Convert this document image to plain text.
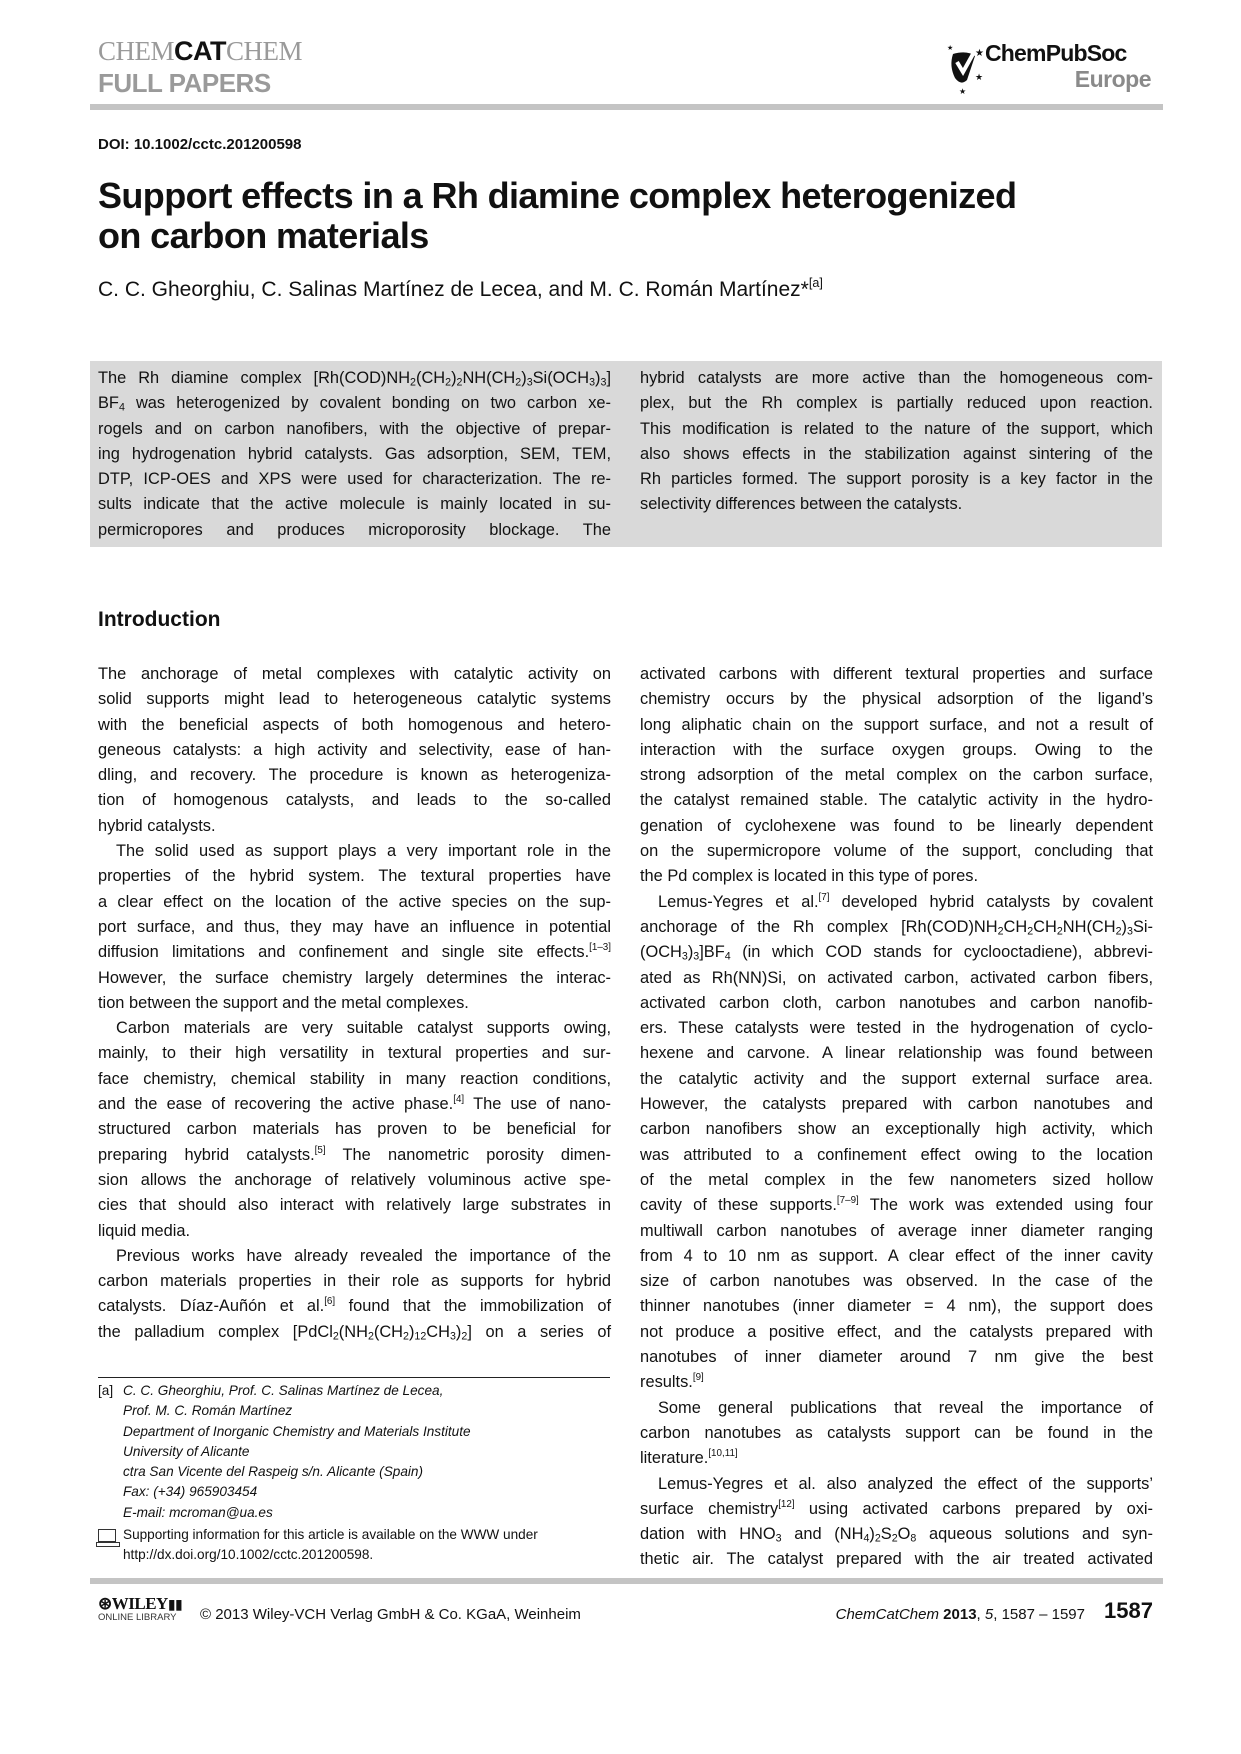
CHEMCATCHEM
FULL PAPERS
★
★
★
★ ChemPubSoc
Europe
DOI: 10.1002/cctc.201200598
Support effects in a Rh diamine complex heterogenized
on carbon materials
C. C. Gheorghiu, C. Salinas Martínez de Lecea, and M. C. Román Martínez*[a]
The Rh diamine complex $[Rh(COD)NH_2(CH_2)_2NH(CH_2)_3Si(OCH_3)_3]$
$BF_4$ was heterogenized by covalent bonding on two carbon xe-
rogels and on carbon nanofibers, with the objective of prepar-
ing hydrogenation hybrid catalysts. Gas adsorption, SEM, TEM,
DTP, ICP-OES and XPS were used for characterization. The re-
sults indicate that the active molecule is mainly located in su-
permicropores and produces microporosity blockage. The
hybrid catalysts are more active than the homogeneous com-
plex, but the Rh complex is partially reduced upon reaction.
This modification is related to the nature of the support, which
also shows effects in the stabilization against sintering of the
Rh particles formed. The support porosity is a key factor in the
selectivity differences between the catalysts.
Introduction
The anchorage of metal complexes with catalytic activity on
solid supports might lead to heterogeneous catalytic systems
with the beneficial aspects of both homogenous and hetero-
geneous catalysts: a high activity and selectivity, ease of han-
dling, and recovery. The procedure is known as heterogeniza-
tion of homogenous catalysts, and leads to the so-called
hybrid catalysts.
The solid used as support plays a very important role in the
properties of the hybrid system. The textural properties have
a clear effect on the location of the active species on the sup-
port surface, and thus, they may have an influence in potential
diffusion limitations and confinement and single site effects.[1–3]
However, the surface chemistry largely determines the interac-
tion between the support and the metal complexes.
Carbon materials are very suitable catalyst supports owing,
mainly, to their high versatility in textural properties and sur-
face chemistry, chemical stability in many reaction conditions,
and the ease of recovering the active phase.[4] The use of nano-
structured carbon materials has proven to be beneficial for
preparing hybrid catalysts.[5] The nanometric porosity dimen-
sion allows the anchorage of relatively voluminous active spe-
cies that should also interact with relatively large substrates in
liquid media.
Previous works have already revealed the importance of the
carbon materials properties in their role as supports for hybrid
catalysts. Díaz-Auñón et al.[6] found that the immobilization of
the palladium complex $[PdCl_2(NH_2(CH_2)_{12}CH_3)_2]$ on a series of
activated carbons with different textural properties and surface
chemistry occurs by the physical adsorption of the ligand’s
long aliphatic chain on the support surface, and not a result of
interaction with the surface oxygen groups. Owing to the
strong adsorption of the metal complex on the carbon surface,
the catalyst remained stable. The catalytic activity in the hydro-
genation of cyclohexene was found to be linearly dependent
on the supermicropore volume of the support, concluding that
the Pd complex is located in this type of pores.
Lemus-Yegres et al.[7] developed hybrid catalysts by covalent
anchorage of the Rh complex [$Rh(COD)NH_2CH_2CH_2NH(CH_2)_3Si-$
$(OCH_3)_3]BF_4$ (in which COD stands for cyclooctadiene), abbrevi-
ated as Rh(NN)Si, on activated carbon, activated carbon fibers,
activated carbon cloth, carbon nanotubes and carbon nanofib-
ers. These catalysts were tested in the hydrogenation of cyclo-
hexene and carvone. A linear relationship was found between
the catalytic activity and the support external surface area.
However, the catalysts prepared with carbon nanotubes and
carbon nanofibers show an exceptionally high activity, which
was attributed to a confinement effect owing to the location
of the metal complex in the few nanometers sized hollow
cavity of these supports.[7–9] The work was extended using four
multiwall carbon nanotubes of average inner diameter ranging
from 4 to 10 nm as support. A clear effect of the inner cavity
size of carbon nanotubes was observed. In the case of the
thinner nanotubes (inner diameter = 4 nm), the support does
not produce a positive effect, and the catalysts prepared with
nanotubes of inner diameter around 7 nm give the best
results.[9]
Some general publications that reveal the importance of
carbon nanotubes as catalysts support can be found in the
literature.[10,11]
Lemus-Yegres et al. also analyzed the effect of the supports’
surface chemistry[12] using activated carbons prepared by oxi-
dation with $HNO_3$ and $(NH_4)_2S_2O_8$ aqueous solutions and syn-
thetic air. The catalyst prepared with the air treated activated
[a] C. C. Gheorghiu, Prof. C. Salinas Martínez de Lecea,
Prof. M. C. Román Martínez
Department of Inorganic Chemistry and Materials Institute
University of Alicante
ctra San Vicente del Raspeig s/n. Alicante (Spain)
Fax: (+34) 965903454
E-mail: mcroman@ua.es
Supporting information for this article is available on the WWW under
http://dx.doi.org/10.1002/cctc.201200598.
⊛WILEY▮▮
ONLINE LIBRARY	© 2013 Wiley-VCH Verlag GmbH & Co. KGaA, Weinheim	ChemCatChem 2013, 5, 1587 – 1597 1587
